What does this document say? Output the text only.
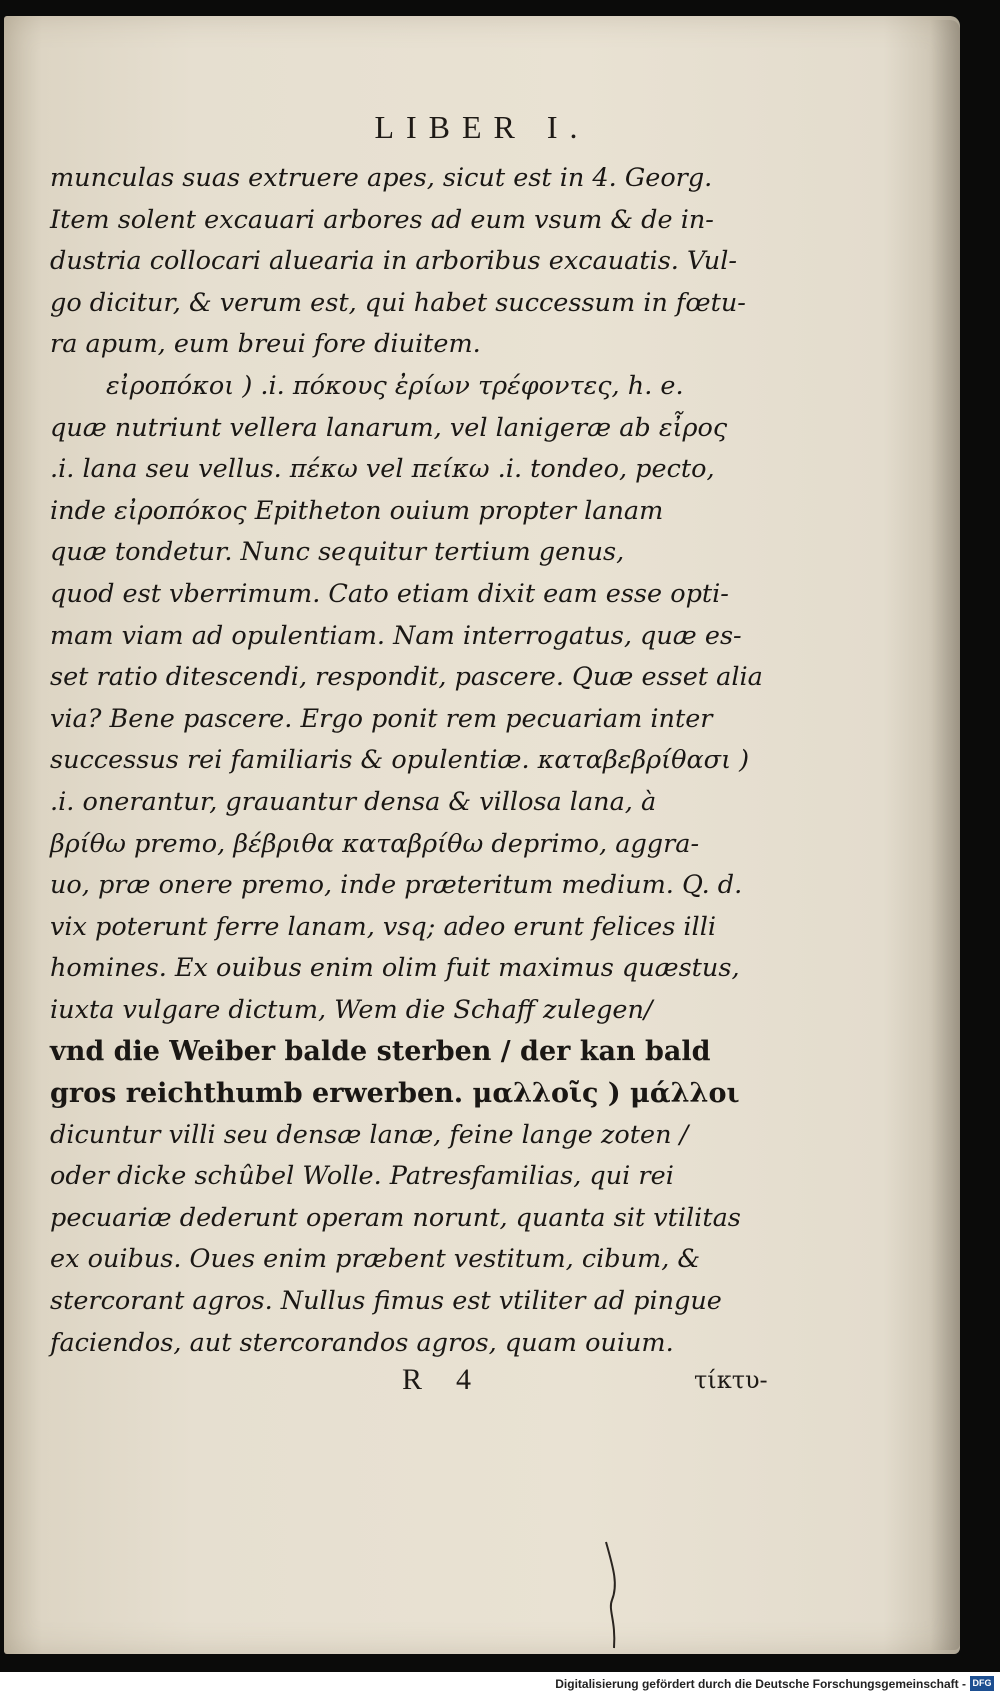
LIBER I.
munculas suas extruere apes, sicut est in 4. Georg.
Item solent excauari arbores ad eum vsum & de in-
dustria collocari aluearia in arboribus excauatis. Vul-
go dicitur, & verum est, qui habet successum in fœtu-
ra apum, eum breui fore diuitem.
εἰροπόκοι ) .i. πόκους ἐρίων τρέφοντες, h. e.
quæ nutriunt vellera lanarum, vel lanigeræ ab εἶρος
.i. lana seu vellus. πέκω vel πείκω .i. tondeo, pecto,
inde εἰροπόκος Epitheton ouium propter lanam
quæ tondetur. Nunc sequitur tertium genus,
quod est vberrimum. Cato etiam dixit eam esse opti-
mam viam ad opulentiam. Nam interrogatus, quæ es-
set ratio ditescendi, respondit, pascere. Quæ esset alia
via? Bene pascere. Ergo ponit rem pecuariam inter
successus rei familiaris & opulentiæ. καταβεβρίθασι )
.i. onerantur, grauantur densa & villosa lana, à
βρίθω premo, βέβριθα καταβρίθω deprimo, aggra-
uo, præ onere premo, inde præteritum medium. Q. d.
vix poterunt ferre lanam, vsq; adeo erunt felices illi
homines. Ex ouibus enim olim fuit maximus quæstus,
iuxta vulgare dictum, Wem die Schaff zulegen/
vnd die Weiber balde sterben / der kan bald
gros reichthumb erwerben. μαλλοῖς ) μάλλοι
dicuntur villi seu densæ lanæ, feine lange zoten /
oder dicke schûbel Wolle. Patresfamilias, qui rei
pecuariæ dederunt operam norunt, quanta sit vtilitas
ex ouibus. Oues enim præbent vestitum, cibum, &
stercorant agros. Nullus fimus est vtiliter ad pingue
faciendos, aut stercorandos agros, quam ouium.
R 4	τίκτυ-
Digitalisierung gefördert durch die Deutsche Forschungsgemeinschaft - DFG
